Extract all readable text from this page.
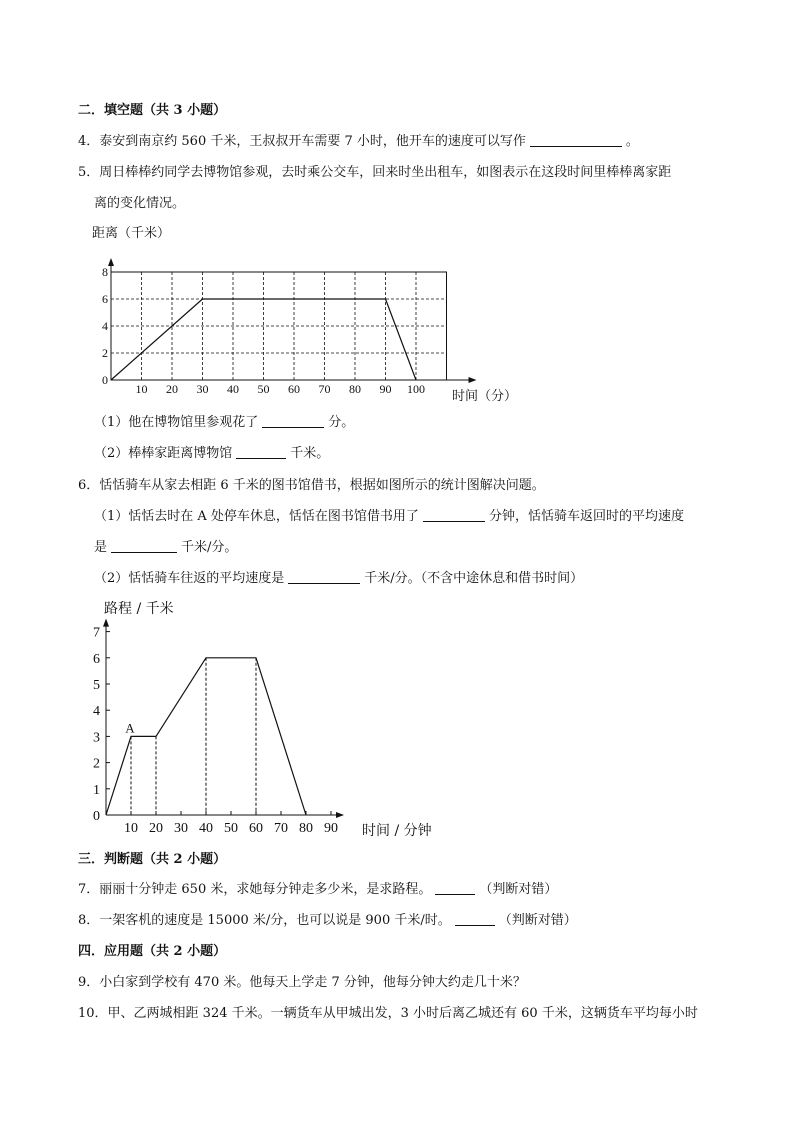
二．填空题（共 3 小题）
4．泰安到南京约 560 千米，王叔叔开车需要 7 小时，他开车的速度可以写作	。
5．周日棒棒约同学去博物馆参观，去时乘公交车，回来时坐出租车，如图表示在这段时间里棒棒离家距
离的变化情况。
距离（千米）
时间（分）
10 20 30 40 50 60 70 80 90 100
2
4
6
8
0
（1）他在博物馆里参观花了	分。
（2）棒棒家距离博物馆	千米。
6．恬恬骑车从家去相距 6 千米的图书馆借书，根据如图所示的统计图解决问题。
（1）恬恬去时在 A 处停车休息，恬恬在图书馆借书用了	分钟，恬恬骑车返回时的平均速度
是	千米/分。
（2）恬恬骑车往返的平均速度是	千米/分。（不含中途休息和借书时间）
路程 / 千米
时间 / 分钟
10 20 30 40 50 60 70 80 90
1
2
3
4
5
6
7
0
A
三．判断题（共 2 小题）
7．丽丽十分钟走 650 米，求她每分钟走多少米，是求路程。	（判断对错）
8．一架客机的速度是 15000 米/分，也可以说是 900 千米/时。	（判断对错）
四．应用题（共 2 小题）
9．小白家到学校有 470 米。他每天上学走 7 分钟，他每分钟大约走几十米？
10．甲、乙两城相距 324 千米。一辆货车从甲城出发，3 小时后离乙城还有 60 千米，这辆货车平均每小时
